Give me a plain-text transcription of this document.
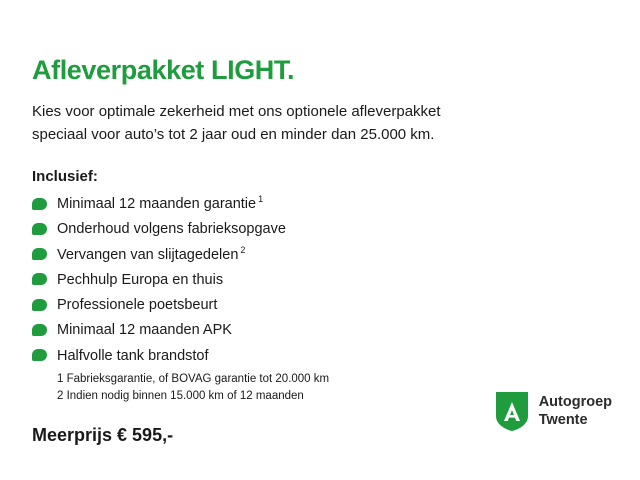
Afleverpakket LIGHT.

Kies voor optimale zekerheid met ons optionele afleverpakket
speciaal voor auto’s tot 2 jaar oud en minder dan 25.000 km.

Inclusief:
Minimaal 12 maanden garantie $^1$
Onderhoud volgens fabrieksopgave
Vervangen van slijtagedelen $^2$
Pechhulp Europa en thuis
Professionele poetsbeurt
Minimaal 12 maanden APK
Halfvolle tank brandstof
1 Fabrieksgarantie, of BOVAG garantie tot 20.000 km
2 Indien nodig binnen 15.000 km of 12 maanden
Meerprijs € 595,-
Autogroep
Twente
